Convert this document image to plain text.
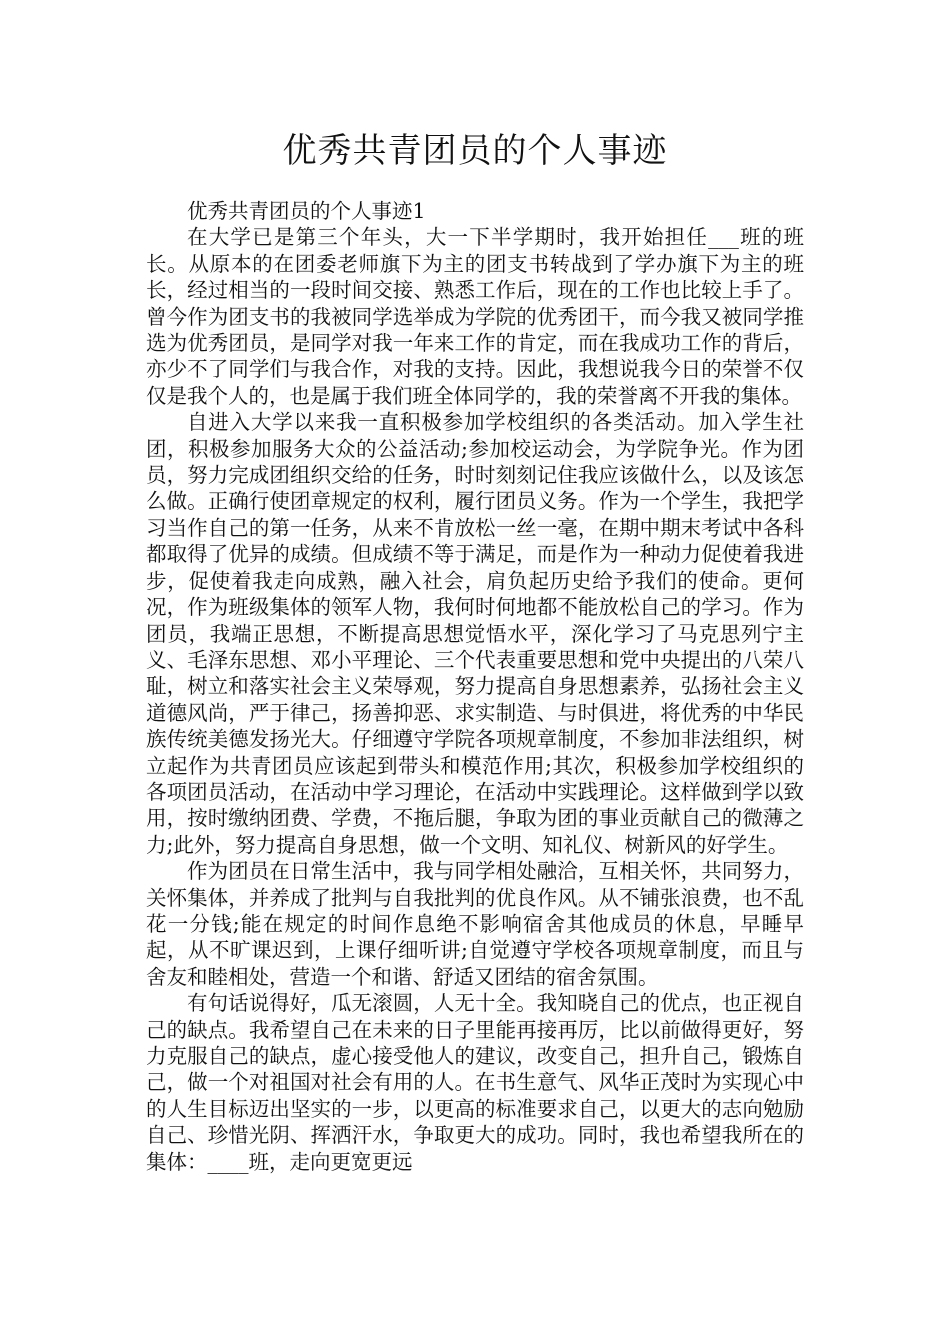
优秀共青团员的个人事迹

优秀共青团员的个人事迹1

在大学已是第三个年头，大一下半学期时，我开始担任___班的班长。从原本的在团委老师旗下为主的团支书转战到了学办旗下为主的班长，经过相当的一段时间交接、熟悉工作后，现在的工作也比较上手了。曾今作为团支书的我被同学选举成为学院的优秀团干，而今我又被同学推选为优秀团员，是同学对我一年来工作的肯定，而在我成功工作的背后，亦少不了同学们与我合作，对我的支持。因此，我想说我今日的荣誉不仅仅是我个人的，也是属于我们班全体同学的，我的荣誉离不开我的集体。

自进入大学以来我一直积极参加学校组织的各类活动。加入学生社团，积极参加服务大众的公益活动;参加校运动会，为学院争光。作为团员，努力完成团组织交给的任务，时时刻刻记住我应该做什么，以及该怎么做。正确行使团章规定的权利，履行团员义务。作为一个学生，我把学习当作自己的第一任务，从来不肯放松一丝一毫，在期中期末考试中各科都取得了优异的成绩。但成绩不等于满足，而是作为一种动力促使着我进步，促使着我走向成熟，融入社会，肩负起历史给予我们的使命。更何况，作为班级集体的领军人物，我何时何地都不能放松自己的学习。作为团员，我端正思想，不断提高思想觉悟水平，深化学习了马克思列宁主义、毛泽东思想、邓小平理论、三个代表重要思想和党中央提出的八荣八耻，树立和落实社会主义荣辱观，努力提高自身思想素养，弘扬社会主义道德风尚，严于律己，扬善抑恶、求实制造、与时俱进，将优秀的中华民族传统美德发扬光大。仔细遵守学院各项规章制度，不参加非法组织，树立起作为共青团员应该起到带头和模范作用;其次，积极参加学校组织的各项团员活动，在活动中学习理论，在活动中实践理论。这样做到学以致用，按时缴纳团费、学费，不拖后腿，争取为团的事业贡献自己的微薄之力;此外，努力提高自身思想，做一个文明、知礼仪、树新风的好学生。

作为团员在日常生活中，我与同学相处融洽，互相关怀，共同努力，关怀集体，并养成了批判与自我批判的优良作风。从不铺张浪费，也不乱花一分钱;能在规定的时间作息绝不影响宿舍其他成员的休息，早睡早起，从不旷课迟到，上课仔细听讲;自觉遵守学校各项规章制度，而且与舍友和睦相处，营造一个和谐、舒适又团结的宿舍氛围。

有句话说得好，瓜无滚圆，人无十全。我知晓自己的优点，也正视自己的缺点。我希望自己在未来的日子里能再接再厉，比以前做得更好，努力克服自己的缺点，虚心接受他人的建议，改变自己，担升自己，锻炼自己，做一个对祖国对社会有用的人。在书生意气、风华正茂时为实现心中的人生目标迈出坚实的一步，以更高的标准要求自己，以更大的志向勉励自己、珍惜光阴、挥洒汗水，争取更大的成功。同时，我也希望我所在的集体：____班，走向更宽更远
